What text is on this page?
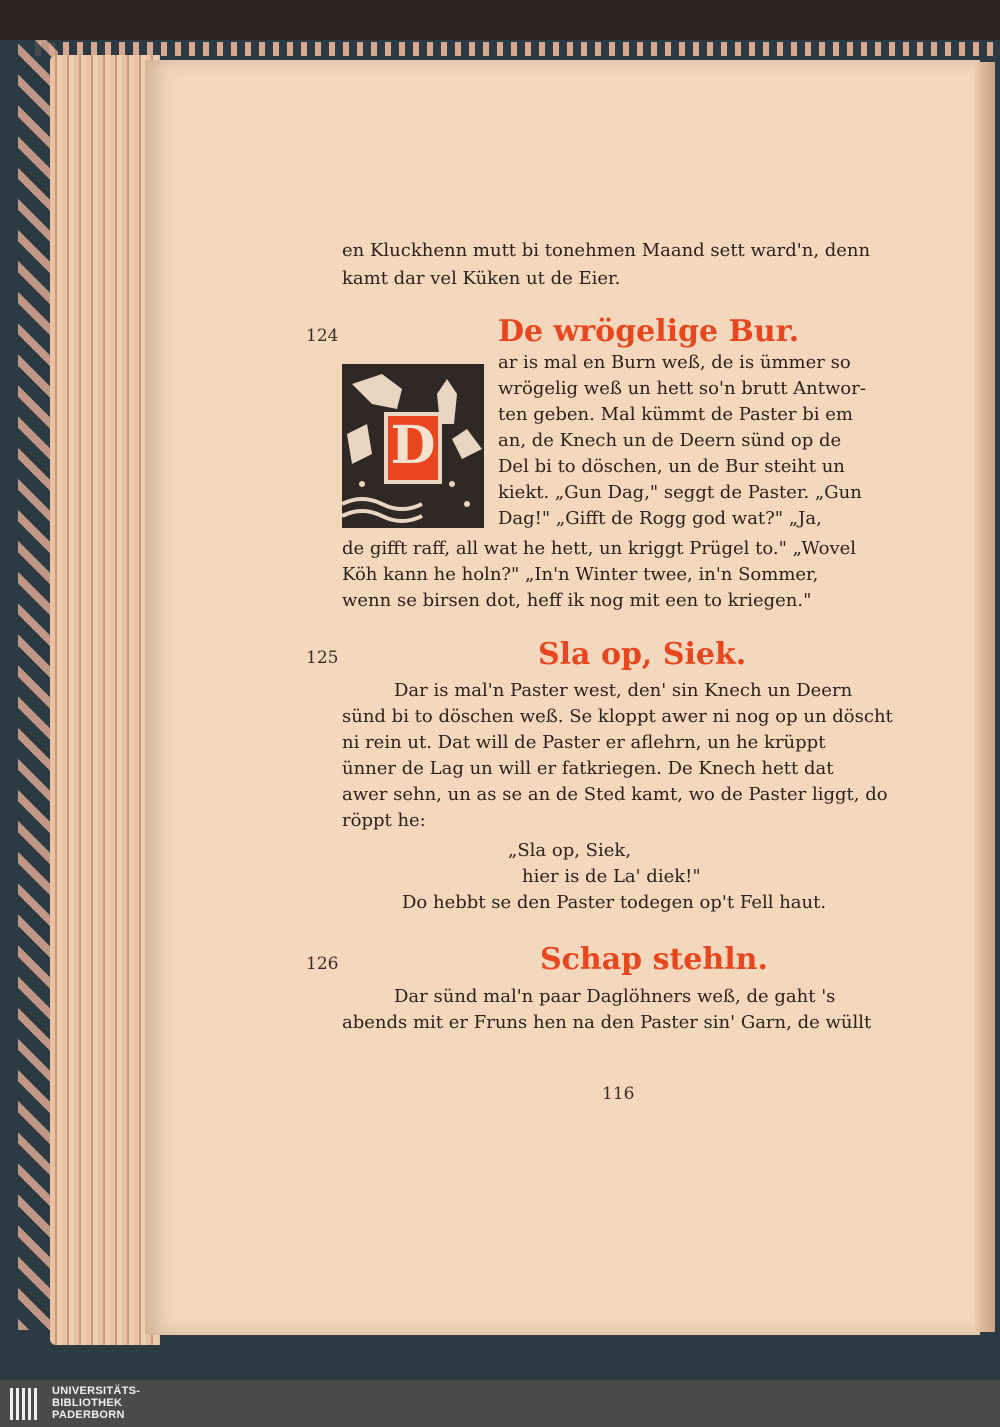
en Kluckhenn mutt bi tonehmen Maand sett ward'n, denn
kamt dar vel Küken ut de Eier.
124	De wrögelige Bur.
D
ar is mal en Burn weß, de is ümmer so
wrögelig weß un hett so'n brutt Antwor-
ten geben. Mal kümmt de Paster bi em
an, de Knech un de Deern sünd op de
Del bi to döschen, un de Bur steiht un
kiekt. „Gun Dag," seggt de Paster. „Gun
Dag!" „Gifft de Rogg god wat?" „Ja,
de gifft raff, all wat he hett, un kriggt Prügel to." „Wovel
Köh kann he holn?" „In'n Winter twee, in'n Sommer,
wenn se birsen dot, heff ik nog mit een to kriegen."
125	Sla op, Siek.
Dar is mal'n Paster west, den' sin Knech un Deern
sünd bi to döschen weß. Se kloppt awer ni nog op un döscht
ni rein ut. Dat will de Paster er aflehrn, un he krüppt
ünner de Lag un will er fatkriegen. De Knech hett dat
awer sehn, un as se an de Sted kamt, wo de Paster liggt, do
röppt he:
„Sla op, Siek,
hier is de La' diek!"
Do hebbt se den Paster todegen op't Fell haut.
126	Schap stehln.
Dar sünd mal'n paar Daglöhners weß, de gaht 's
abends mit er Fruns hen na den Paster sin' Garn, de wüllt
116
UNIVERSITÄTS-
BIBLIOTHEK
PADERBORN
